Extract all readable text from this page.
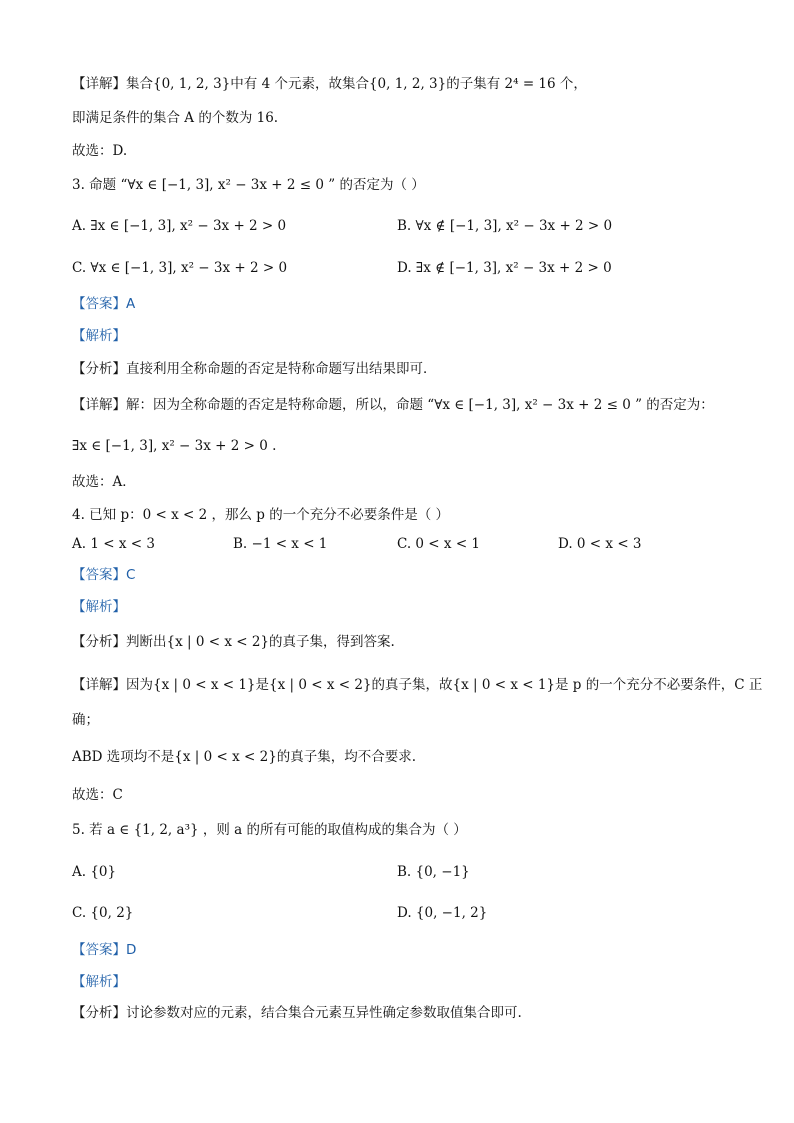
【详解】集合{0, 1, 2, 3}中有 4 个元素，故集合{0, 1, 2, 3}的子集有 2⁴ = 16 个，
即满足条件的集合 A 的个数为 16.
故选：D.
3. 命题 “∀x ∈ [−1, 3], x² − 3x + 2 ≤ 0 ” 的否定为（ ）
A. ∃x ∈ [−1, 3], x² − 3x + 2 > 0	B. ∀x ∉ [−1, 3], x² − 3x + 2 > 0
C. ∀x ∈ [−1, 3], x² − 3x + 2 > 0	D. ∃x ∉ [−1, 3], x² − 3x + 2 > 0
【答案】A
【解析】
【分析】直接利用全称命题的否定是特称命题写出结果即可．
【详解】解：因为全称命题的否定是特称命题，所以，命题 “∀x ∈ [−1, 3], x² − 3x + 2 ≤ 0 ” 的否定为：
∃x ∈ [−1, 3], x² − 3x + 2 > 0 .
故选：A．
4. 已知 p：0 < x < 2 ，那么 p 的一个充分不必要条件是（ ）
A. 1 < x < 3	B. −1 < x < 1	C. 0 < x < 1	D. 0 < x < 3
【答案】C
【解析】
【分析】判断出{x | 0 < x < 2}的真子集，得到答案.
【详解】因为{x | 0 < x < 1}是{x | 0 < x < 2}的真子集，故{x | 0 < x < 1}是 p 的一个充分不必要条件，C 正
确；
ABD 选项均不是{x | 0 < x < 2}的真子集，均不合要求.
故选：C
5. 若 a ∈ {1, 2, a³} ，则 a 的所有可能的取值构成的集合为（ ）
A. {0}	B. {0, −1}
C. {0, 2}	D. {0, −1, 2}
【答案】D
【解析】
【分析】讨论参数对应的元素，结合集合元素互异性确定参数取值集合即可.
